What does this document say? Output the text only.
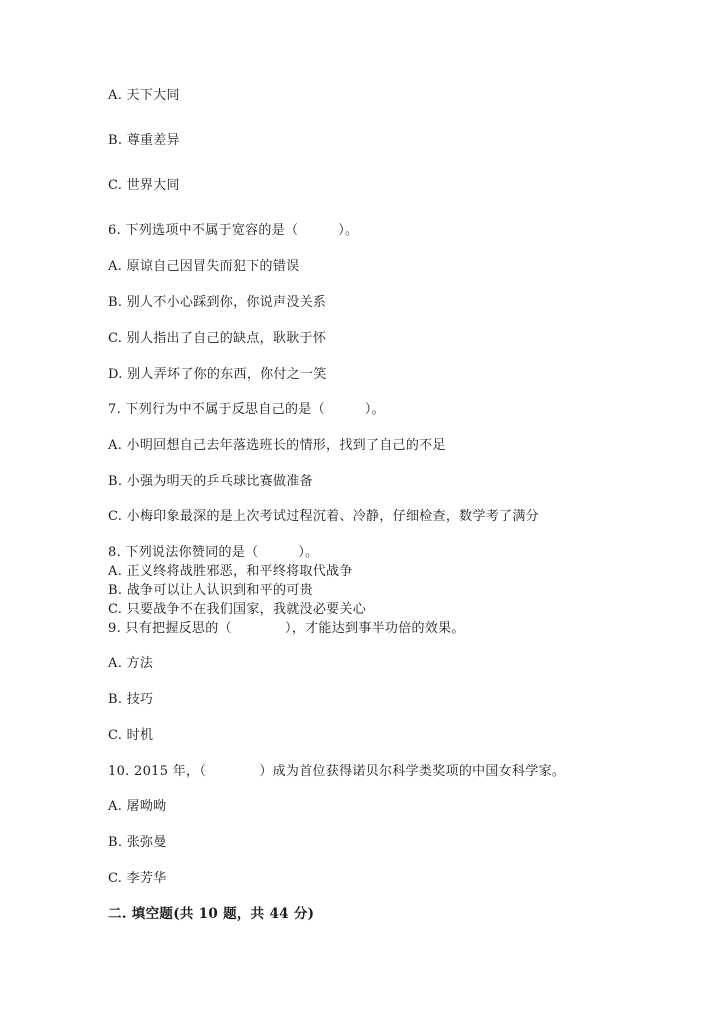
A. 天下大同
B. 尊重差异
C. 世界大同
6. 下列选项中不属于宽容的是（　　　）。
A. 原谅自己因冒失而犯下的错误
B. 别人不小心踩到你，你说声没关系
C. 别人指出了自己的缺点，耿耿于怀
D. 别人弄坏了你的东西，你付之一笑
7. 下列行为中不属于反思自己的是（　　　）。
A. 小明回想自己去年落选班长的情形，找到了自己的不足
B. 小强为明天的乒乓球比赛做准备
C. 小梅印象最深的是上次考试过程沉着、冷静，仔细检查，数学考了满分
8. 下列说法你赞同的是（　　　）。
A. 正义终将战胜邪恶，和平终将取代战争
B. 战争可以让人认识到和平的可贵
C. 只要战争不在我们国家，我就没必要关心
9. 只有把握反思的（　　　　），才能达到事半功倍的效果。
A. 方法
B. 技巧
C. 时机
10. 2015 年，（　　　　）成为首位获得诺贝尔科学类奖项的中国女科学家。
A. 屠呦呦
B. 张弥曼
C. 李芳华
二. 填空题(共 10 题，共 44 分)
